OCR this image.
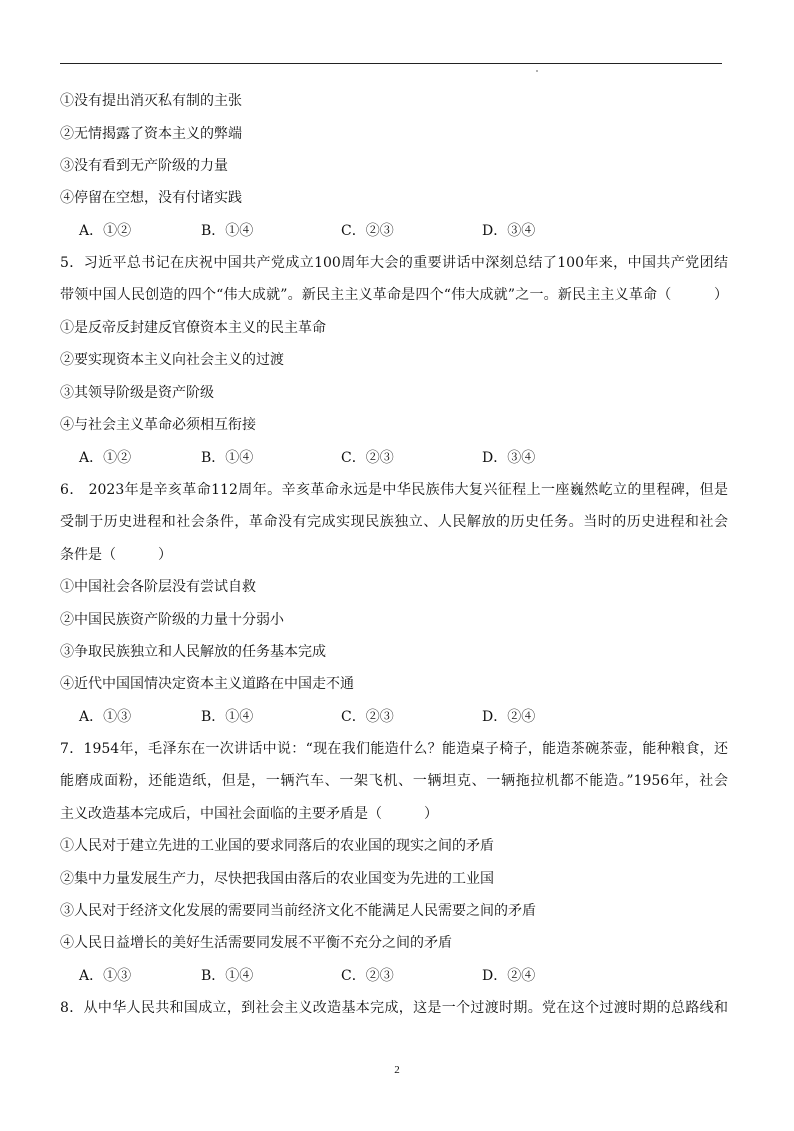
①没有提出消灭私有制的主张
②无情揭露了资本主义的弊端
③没有看到无产阶级的力量
④停留在空想，没有付诸实践
A．①②	B．①④	C．②③	D．③④
5．习近平总书记在庆祝中国共产党成立100周年大会的重要讲话中深刻总结了100年来，中国共产党团结
带领中国人民创造的四个“伟大成就”。新民主主义革命是四个“伟大成就”之一。新民主主义革命（　　　）
①是反帝反封建反官僚资本主义的民主革命
②要实现资本主义向社会主义的过渡
③其领导阶级是资产阶级
④与社会主义革命必须相互衔接
A．①②	B．①④	C．②③	D．③④
6． 2023年是辛亥革命112周年。辛亥革命永远是中华民族伟大复兴征程上一座巍然屹立的里程碑，但是
受制于历史进程和社会条件，革命没有完成实现民族独立、人民解放的历史任务。当时的历史进程和社会
条件是（　　　）
①中国社会各阶层没有尝试自救
②中国民族资产阶级的力量十分弱小
③争取民族独立和人民解放的任务基本完成
④近代中国国情决定资本主义道路在中国走不通
A．①③	B．①④	C．②③	D．②④
7．1954年，毛泽东在一次讲话中说：“现在我们能造什么？能造桌子椅子，能造茶碗茶壶，能种粮食，还
能磨成面粉，还能造纸，但是，一辆汽车、一架飞机、一辆坦克、一辆拖拉机都不能造。”1956年，社会
主义改造基本完成后，中国社会面临的主要矛盾是（　　　）
①人民对于建立先进的工业国的要求同落后的农业国的现实之间的矛盾
②集中力量发展生产力，尽快把我国由落后的农业国变为先进的工业国
③人民对于经济文化发展的需要同当前经济文化不能满足人民需要之间的矛盾
④人民日益增长的美好生活需要同发展不平衡不充分之间的矛盾
A．①③	B．①④	C．②③	D．②④
8．从中华人民共和国成立，到社会主义改造基本完成，这是一个过渡时期。党在这个过渡时期的总路线和
2
